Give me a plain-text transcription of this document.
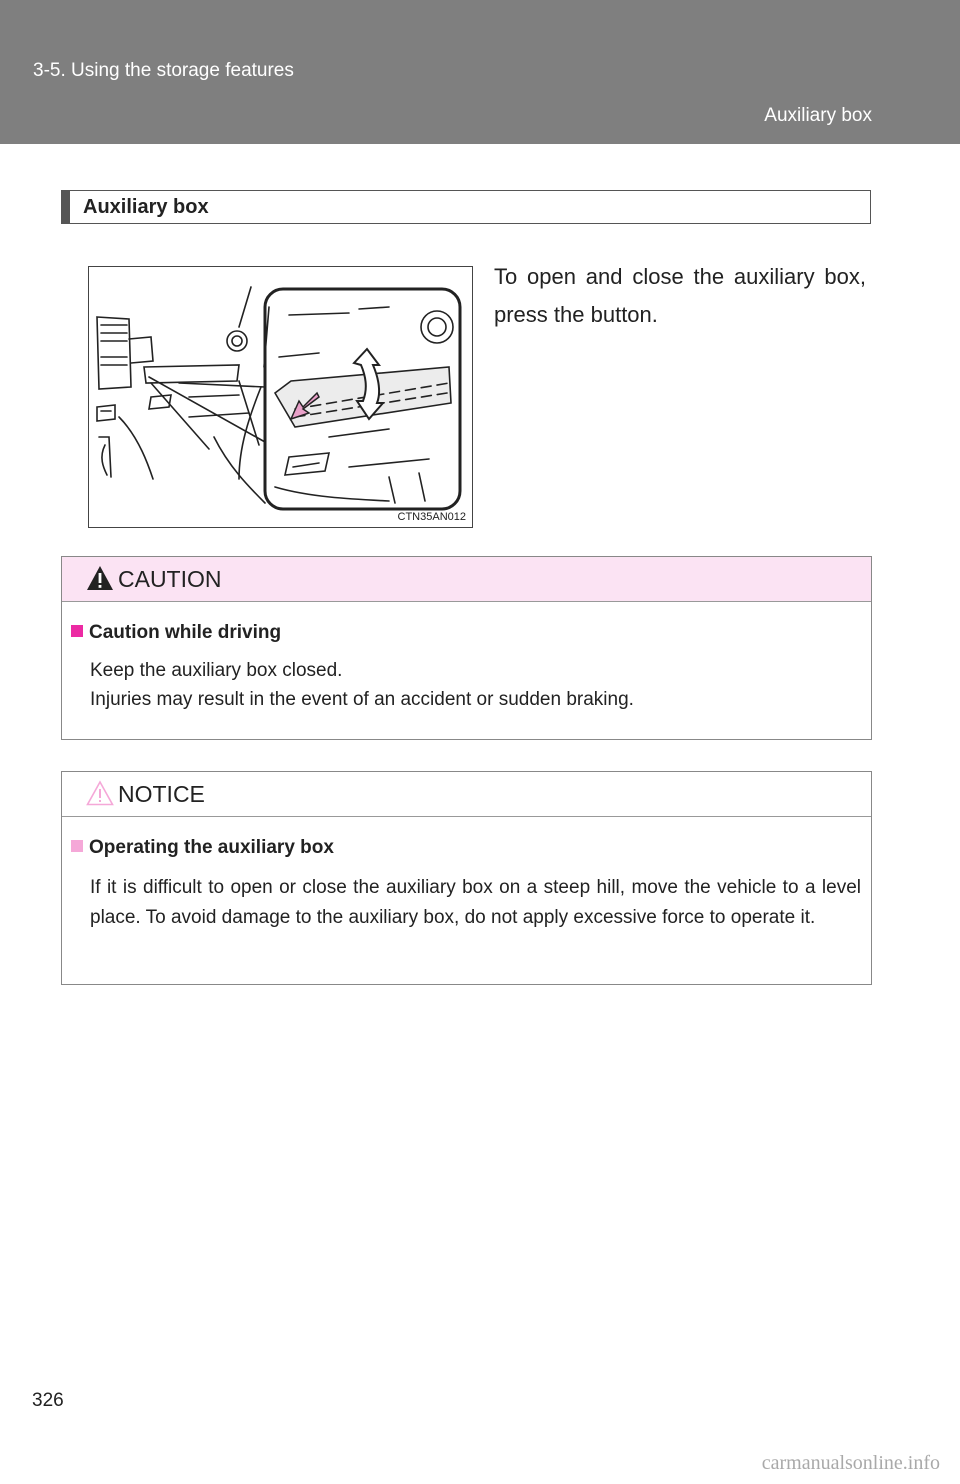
3-5. Using the storage features
Auxiliary box
Auxiliary box
CTN35AN012
To open and close the auxiliary box, press the button.
CAUTION
Caution while driving
Keep the auxiliary box closed.
Injuries may result in the event of an accident or sudden braking.
NOTICE
Operating the auxiliary box
If it is difficult to open or close the auxiliary box on a steep hill, move the vehicle to a level place. To avoid damage to the auxiliary box, do not apply excessive force to operate it.
326
carmanualsonline.info
